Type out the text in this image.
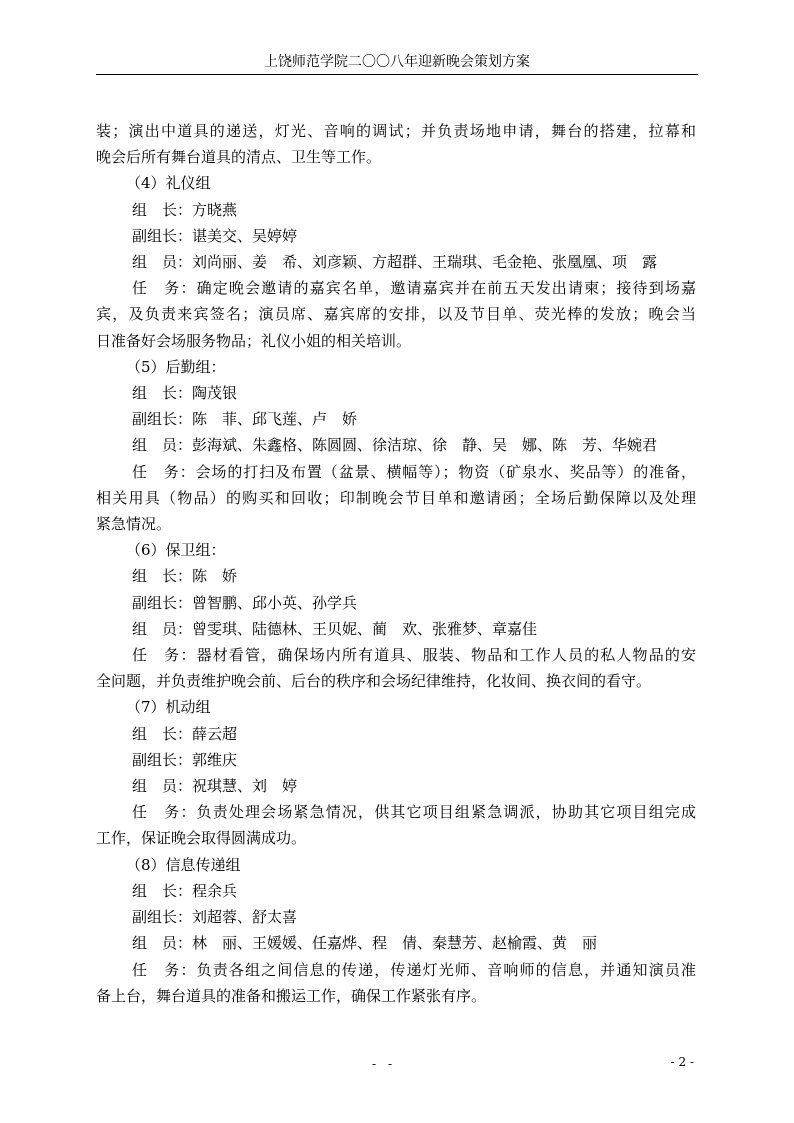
上饶师范学院二〇〇八年迎新晚会策划方案

装；演出中道具的递送，灯光、音响的调试；并负责场地申请，舞台的搭建，拉幕和

晚会后所有舞台道具的清点、卫生等工作。

（4）礼仪组

组　长：方晓燕

副组长：谌美交、吴婷婷

组　员：刘尚丽、姜　希、刘彦颖、方超群、王瑞琪、毛金艳、张凰凰、项　露

任　务：确定晚会邀请的嘉宾名单，邀请嘉宾并在前五天发出请柬；接待到场嘉

宾，及负责来宾签名；演员席、嘉宾席的安排，以及节目单、荧光棒的发放；晚会当

日准备好会场服务物品；礼仪小姐的相关培训。

（5）后勤组：

组　长：陶茂银

副组长：陈　菲、邱飞莲、卢　娇

组　员：彭海斌、朱鑫格、陈圆圆、徐洁琼、徐　静、吴　娜、陈　芳、华婉君

任　务：会场的打扫及布置（盆景、横幅等）；物资（矿泉水、奖品等）的准备，

相关用具（物品）的购买和回收；印制晚会节目单和邀请函；全场后勤保障以及处理

紧急情况。

（6）保卫组：

组　长：陈　娇

副组长：曾智鹏、邱小英、孙学兵

组　员：曾雯琪、陆德林、王贝妮、蔺　欢、张雅梦、章嘉佳

任　务：器材看管，确保场内所有道具、服装、物品和工作人员的私人物品的安

全问题，并负责维护晚会前、后台的秩序和会场纪律维持，化妆间、换衣间的看守。

（7）机动组

组　长：薛云超

副组长：郭维庆

组　员：祝琪慧、刘　婷

任　务：负责处理会场紧急情况，供其它项目组紧急调派，协助其它项目组完成

工作，保证晚会取得圆满成功。

（8）信息传递组

组　长：程余兵

副组长：刘超蓉、舒太喜

组　员：林　丽、王媛媛、任嘉烨、程　倩、秦慧芳、赵榆霞、黄　丽

任　务：负责各组之间信息的传递，传递灯光师、音响师的信息，并通知演员准

备上台，舞台道具的准备和搬运工作，确保工作紧张有序。

-　-	- 2 -
